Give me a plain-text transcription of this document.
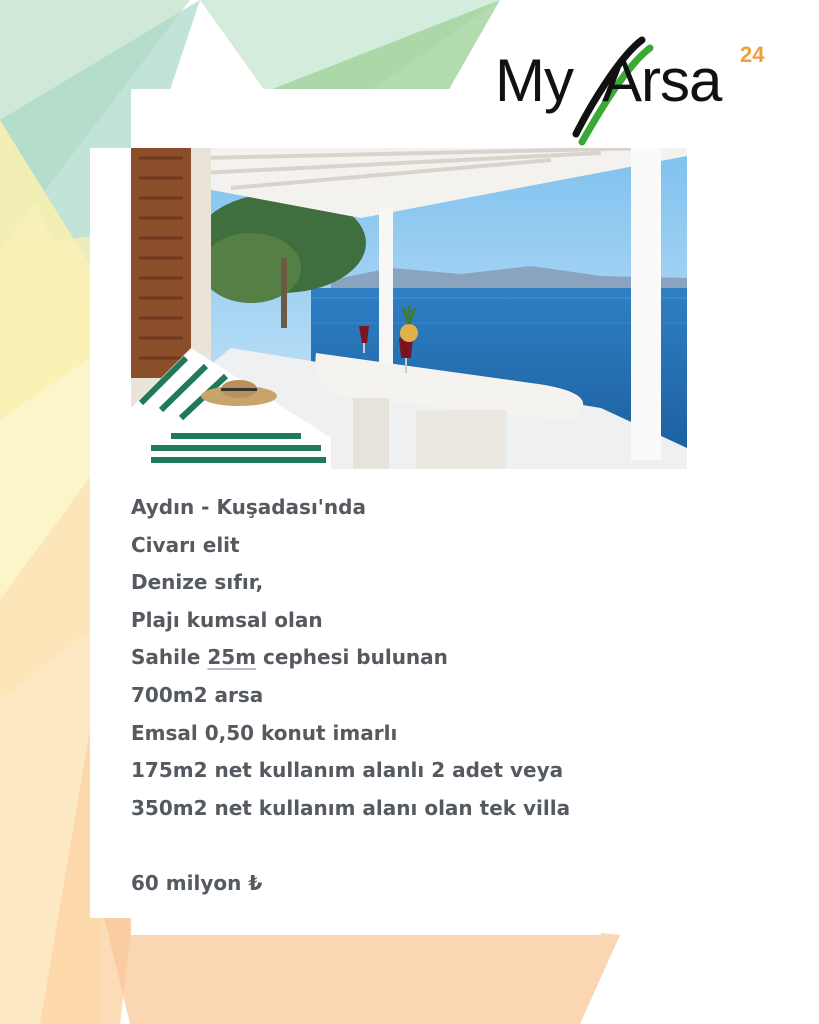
My Arsa 24
Aydın - Kuşadası'nda
Civarı elit
Denize sıfır,
Plajı kumsal olan
Sahile 25m cephesi bulunan
700m2 arsa
Emsal 0,50 konut imarlı
175m2 net kullanım alanlı 2 adet veya
350m2 net kullanım alanı olan tek villa
60 milyon ₺
